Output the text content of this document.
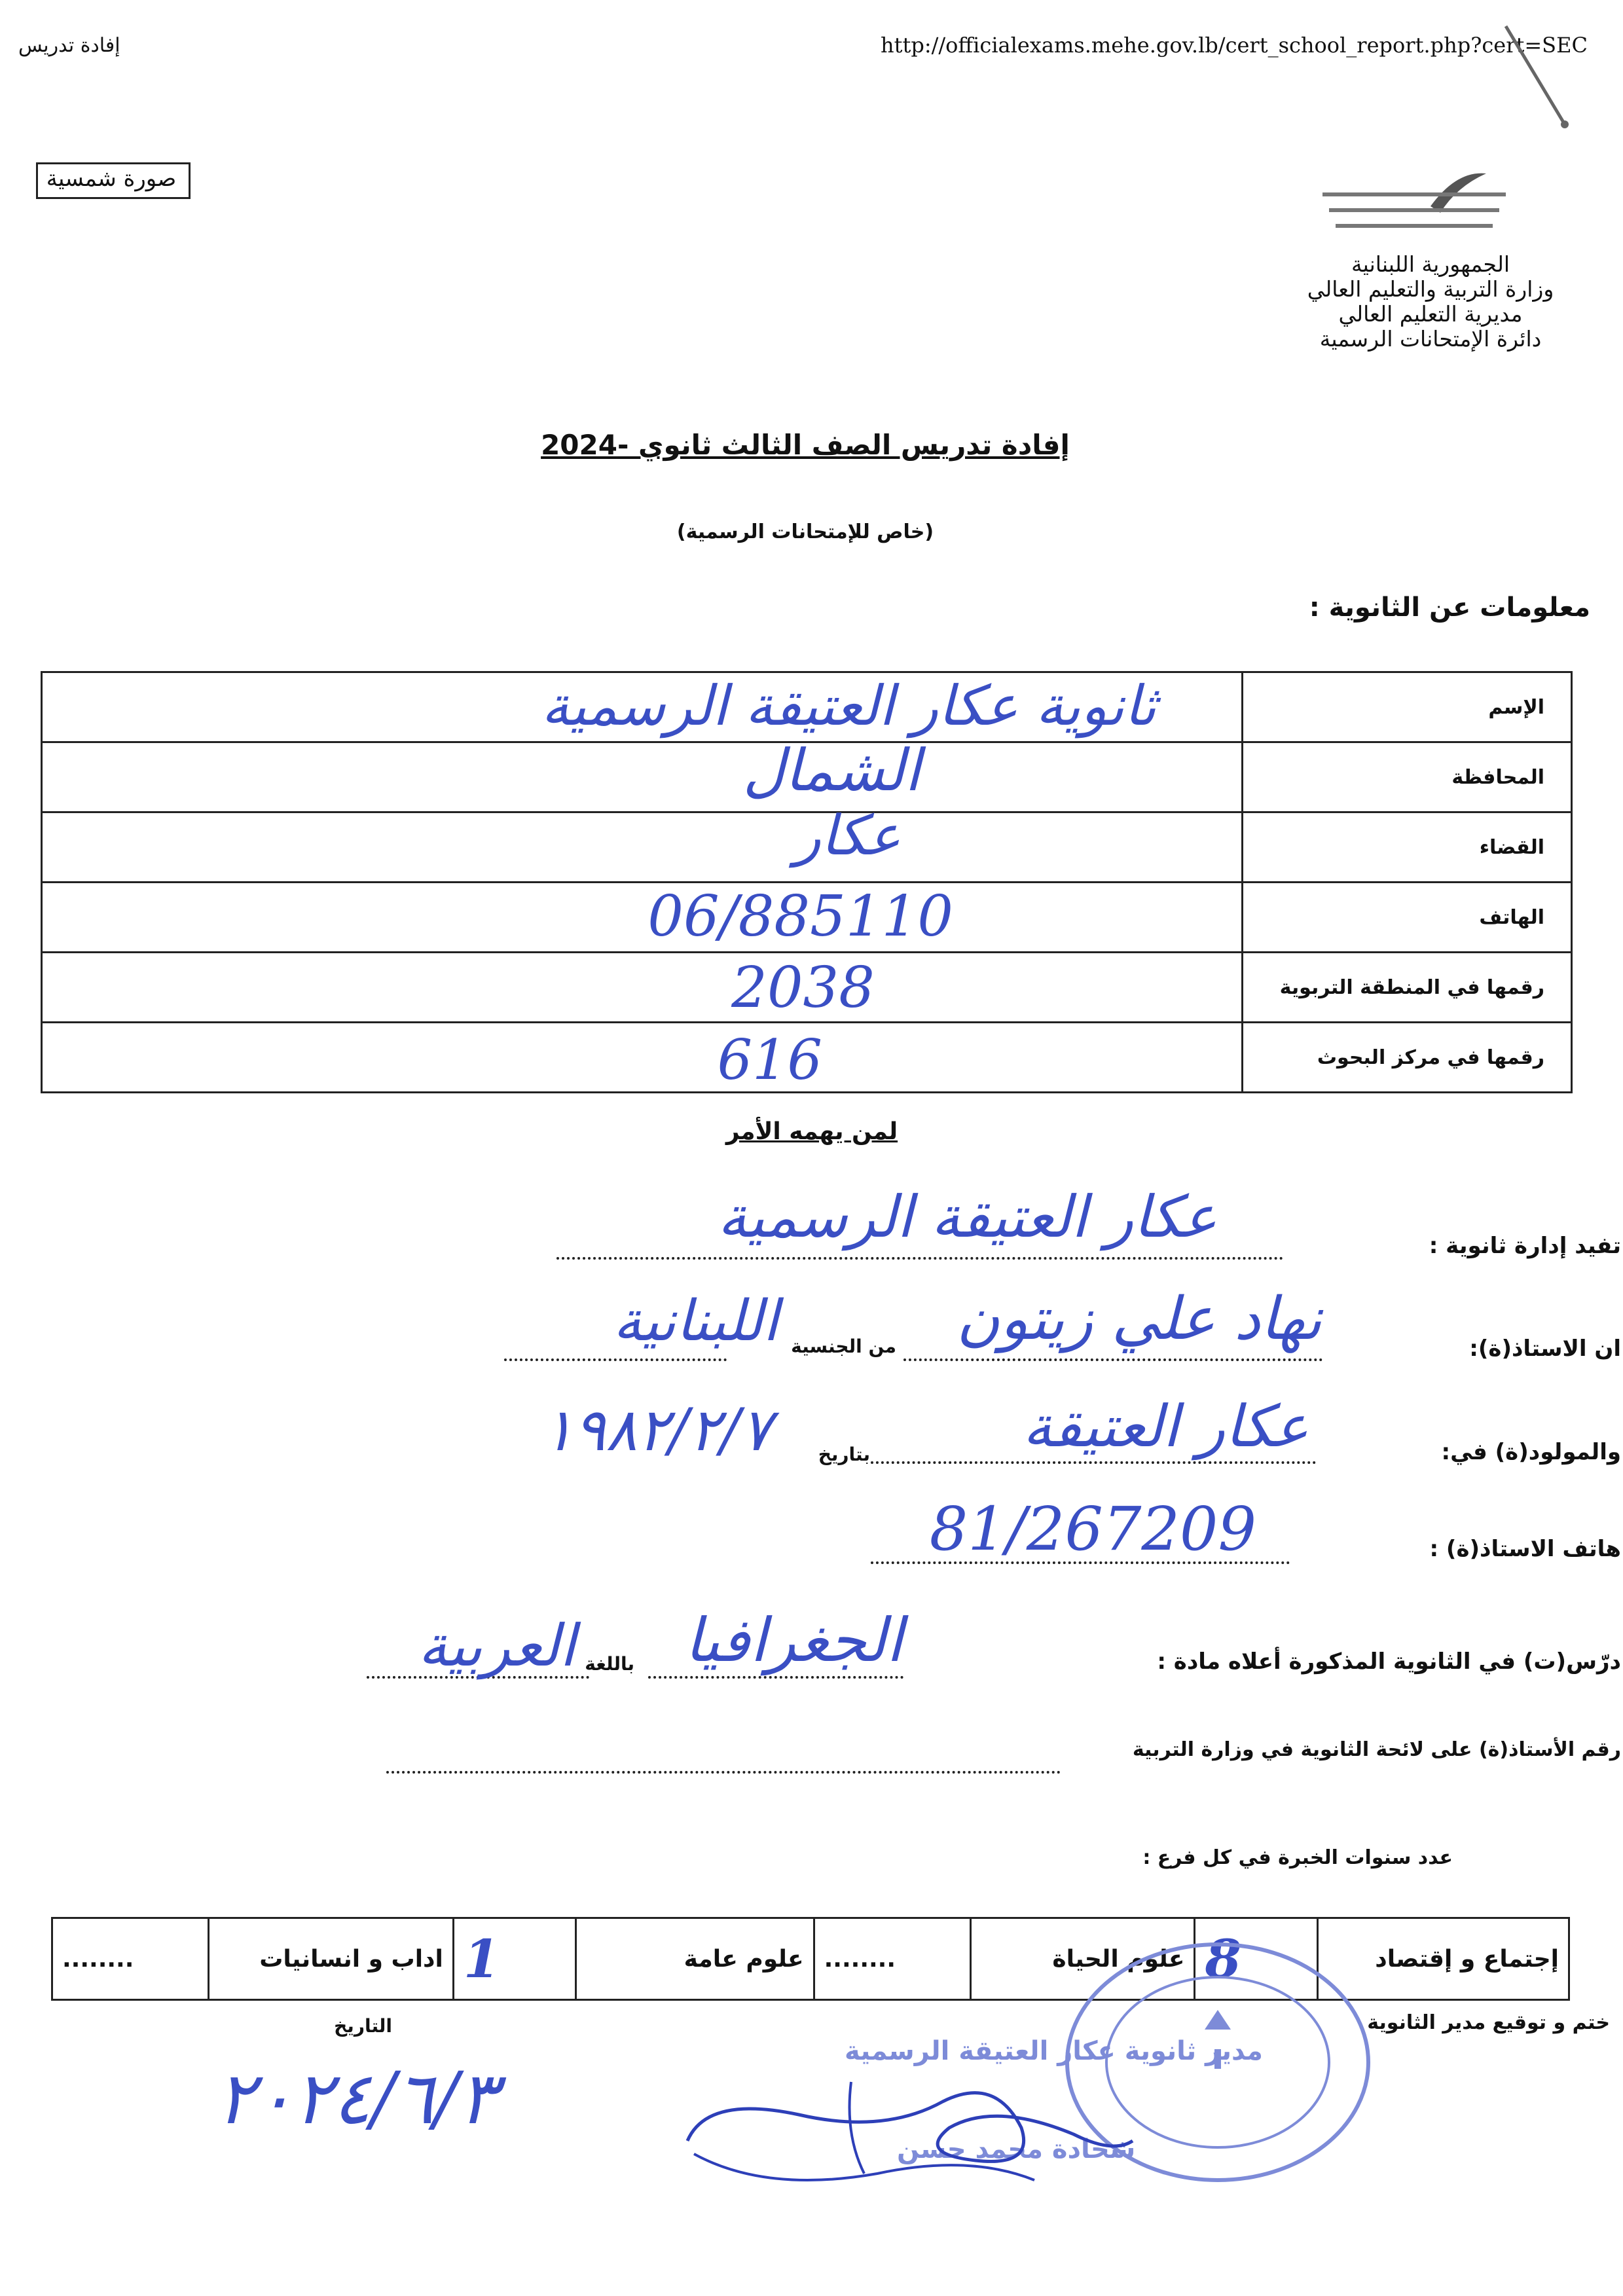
إفادة تدريس	http://officialexams.mehe.gov.lb/cert_school_report.php?cert=SEC
صورة شمسية
الجمهورية اللبنانية
وزارة التربية والتعليم العالي
مديرية التعليم العالي
دائرة الإمتحانات الرسمية
إفادة تدريس الصف الثالث ثانوي -2024
(خاص للإمتحانات الرسمية)
معلومات عن الثانوية :
ثانوية عكار العتيقة الرسمية	الإسم

الشمال	المحافظة

عكار	القضاء

06/885110	الهاتف

2038	رقمها في المنطقة التربوية

616	رقمها في مركز البحوث
لمن يهمه الأمر
تفيد إدارة ثانوية :
عكار العتيقة الرسمية
ان الاستاذ(ة):
نهاد علي زيتون
من الجنسية
اللبنانية
والمولود(ة) في:
عكار العتيقة
بتاريخ
١٩٨٢/٢/٧
هاتف الاستاذ(ة) :
81/267209
درّس(ت) في الثانوية المذكورة أعلاه مادة :
الجغرافيا
باللغة
العربية
رقم الأستاذ(ة) على لائحة الثانوية في وزارة التربية
عدد سنوات الخبرة في كل فرع :
........	اداب و انسانيات	1	علوم عامة	........	علوم الحياة	8	إجتماع و إقتصاد
ختم و توقيع مدير الثانوية
التاريخ
٢٠٢٤/٦/٣
مدير ثانوية عكار العتيقة الرسمية
شحادة محمد حسن
